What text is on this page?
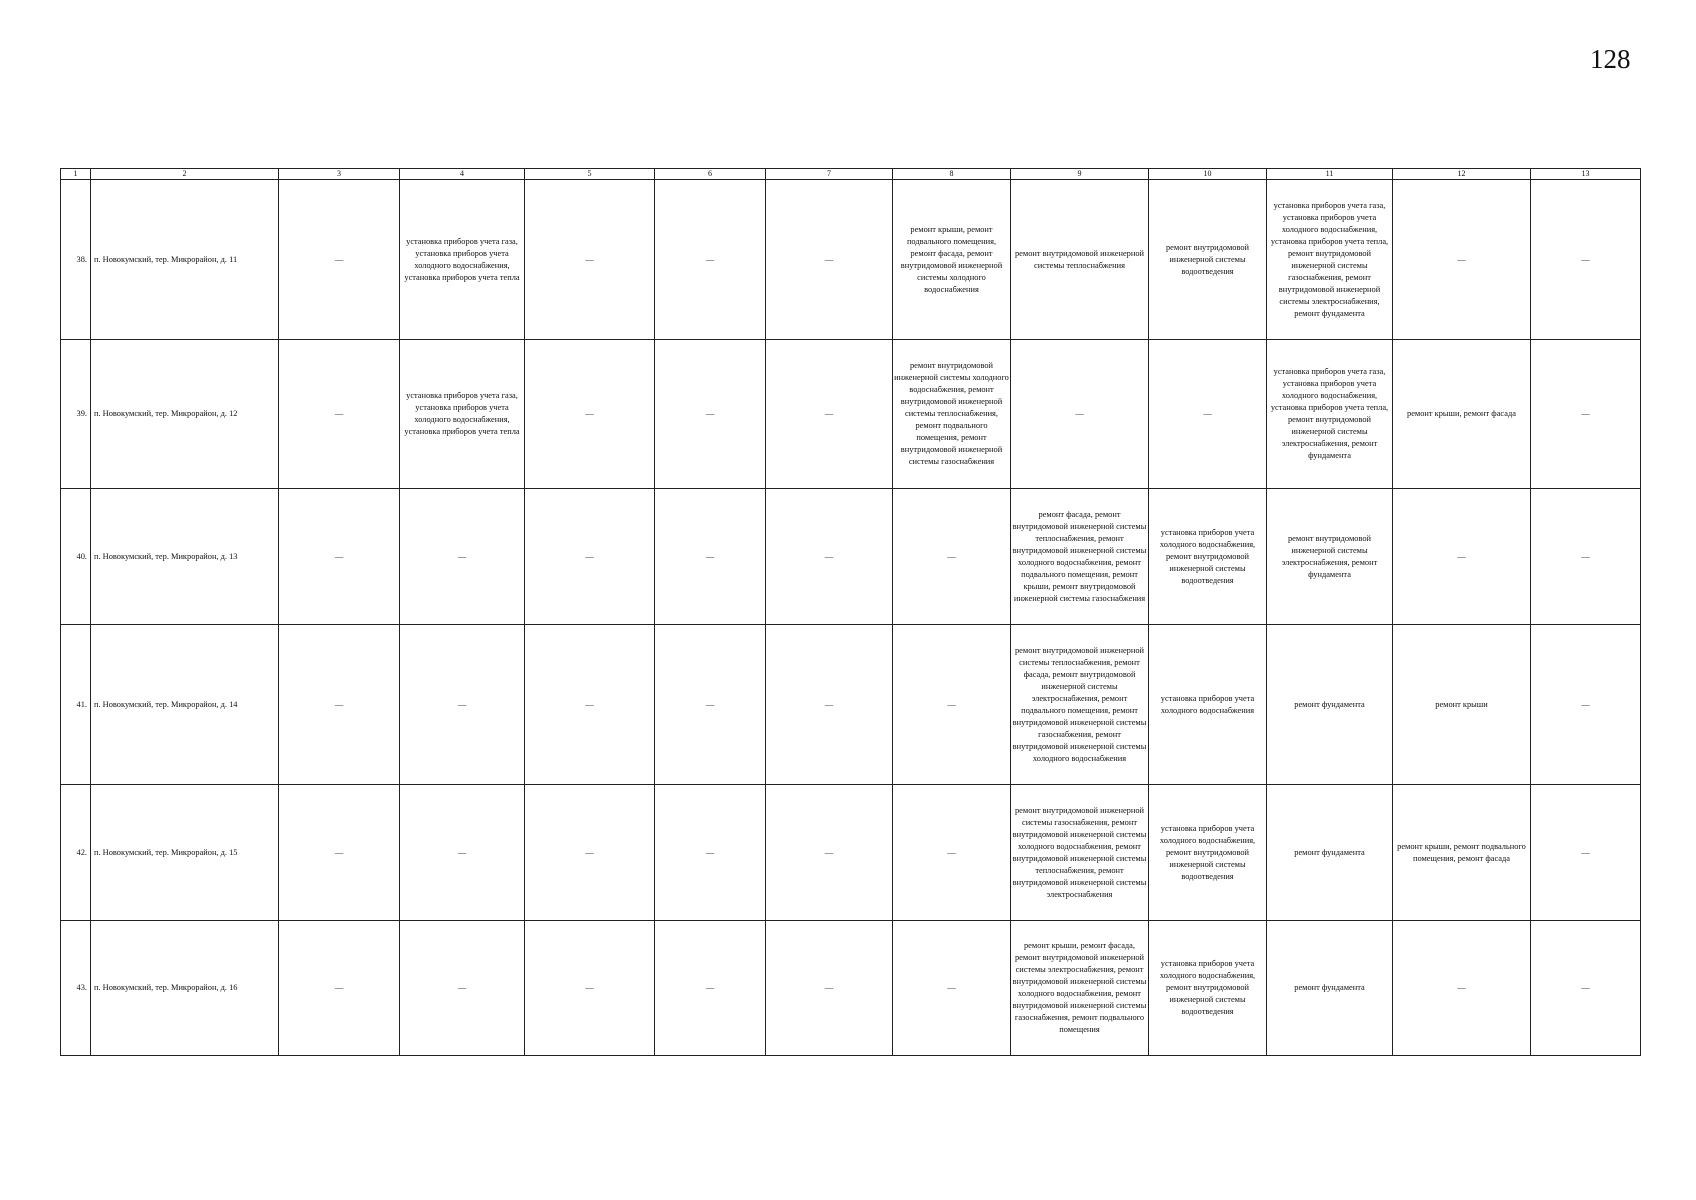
128
1	2	3	4	5	6	7	8	9	10	11	12	13
38.	п. Новокумский, тер. Микрорайон, д. 11	—	установка приборов учета газа, установка приборов учета холодного водоснабжения, установка приборов учета тепла	—	—	—	ремонт крыши, ремонт подвального помещения, ремонт фасада, ремонт внутридомовой инженерной системы холодного водоснабжения	ремонт внутридомовой инженерной системы теплоснабжения	ремонт внутридомовой инженерной системы водоотведения	установка приборов учета газа, установка приборов учета холодного водоснабжения, установка приборов учета тепла, ремонт внутридомовой инженерной системы газоснабжения, ремонт внутридомовой инженерной системы электроснабжения, ремонт фундамента	—	—
39.	п. Новокумский, тер. Микрорайон, д. 12	—	установка приборов учета газа, установка приборов учета холодного водоснабжения, установка приборов учета тепла	—	—	—	ремонт внутридомовой инженерной системы холодного водоснабжения, ремонт внутридомовой инженерной системы теплоснабжения, ремонт подвального помещения, ремонт внутридомовой инженерной системы газоснабжения	—	—	установка приборов учета газа, установка приборов учета холодного водоснабжения, установка приборов учета тепла, ремонт внутридомовой инженерной системы электроснабжения, ремонт фундамента	ремонт крыши, ремонт фасада	—
40.	п. Новокумский, тер. Микрорайон, д. 13	—	—	—	—	—	—	ремонт фасада, ремонт внутридомовой инженерной системы теплоснабжения, ремонт внутридомовой инженерной системы холодного водоснабжения, ремонт подвального помещения, ремонт крыши, ремонт внутридомовой инженерной системы газоснабжения	установка приборов учета холодного водоснабжения, ремонт внутридомовой инженерной системы водоотведения	ремонт внутридомовой инженерной системы электроснабжения, ремонт фундамента	—	—
41.	п. Новокумский, тер. Микрорайон, д. 14	—	—	—	—	—	—	ремонт внутридомовой инженерной системы теплоснабжения, ремонт фасада, ремонт внутридомовой инженерной системы электроснабжения, ремонт подвального помещения, ремонт внутридомовой инженерной системы газоснабжения, ремонт внутридомовой инженерной системы холодного водоснабжения	установка приборов учета холодного водоснабжения	ремонт фундамента	ремонт крыши	—
42.	п. Новокумский, тер. Микрорайон, д. 15	—	—	—	—	—	—	ремонт внутридомовой инженерной системы газоснабжения, ремонт внутридомовой инженерной системы холодного водоснабжения, ремонт внутридомовой инженерной системы теплоснабжения, ремонт внутридомовой инженерной системы электроснабжения	установка приборов учета холодного водоснабжения, ремонт внутридомовой инженерной системы водоотведения	ремонт фундамента	ремонт крыши, ремонт подвального помещения, ремонт фасада	—
43.	п. Новокумский, тер. Микрорайон, д. 16	—	—	—	—	—	—	ремонт крыши, ремонт фасада, ремонт внутридомовой инженерной системы электроснабжения, ремонт внутридомовой инженерной системы холодного водоснабжения, ремонт внутридомовой инженерной системы газоснабжения, ремонт подвального помещения	установка приборов учета холодного водоснабжения, ремонт внутридомовой инженерной системы водоотведения	ремонт фундамента	—	—
